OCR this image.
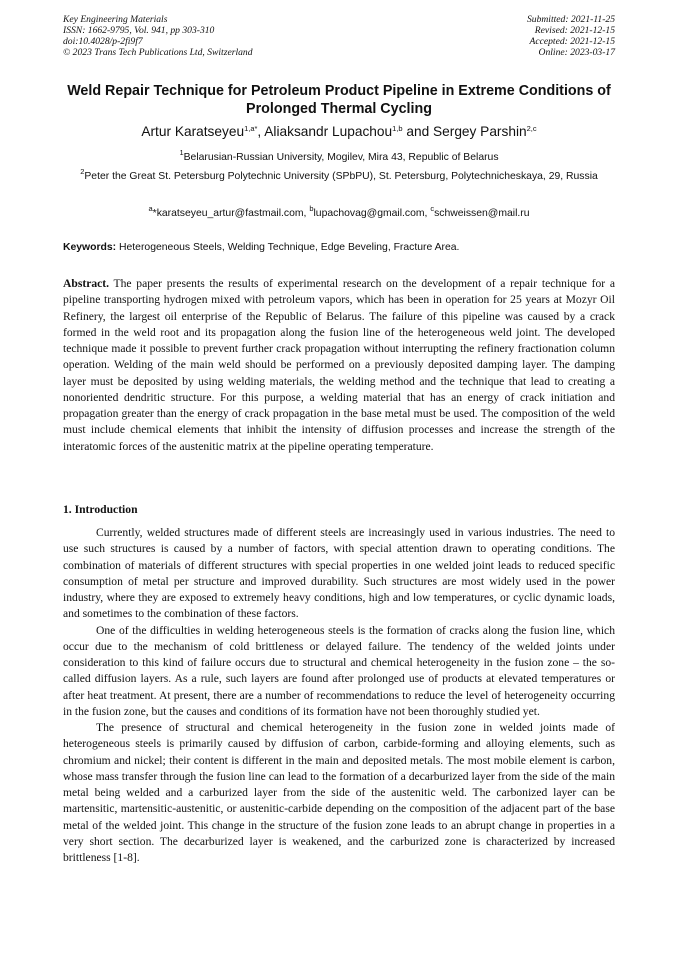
Key Engineering Materials
ISSN: 1662-9795, Vol. 941, pp 303-310
doi:10.4028/p-2fi9f7
© 2023 Trans Tech Publications Ltd, Switzerland
Submitted: 2021-11-25
Revised: 2021-12-15
Accepted: 2021-12-15
Online: 2023-03-17
Weld Repair Technique for Petroleum Product Pipeline in Extreme Conditions of Prolonged Thermal Cycling
Artur Karatseyeu$^{1,a*}$, Aliaksandr Lupachou$^{1,b}$ and Sergey Parshin$^{2,c}$
$^1$Belarusian-Russian University, Mogilev, Mira 43, Republic of Belarus
$^2$Peter the Great St. Petersburg Polytechnic University (SPbPU), St. Petersburg, Polytechnicheskaya, 29, Russia
$^a$*karatseyeu_artur@fastmail.com, $^b$lupachovag@gmail.com, $^c$schweissen@mail.ru
Keywords: Heterogeneous Steels, Welding Technique, Edge Beveling, Fracture Area.
Abstract. The paper presents the results of experimental research on the development of a repair technique for a pipeline transporting hydrogen mixed with petroleum vapors, which has been in operation for 25 years at Mozyr Oil Refinery, the largest oil enterprise of the Republic of Belarus. The failure of this pipeline was caused by a crack formed in the weld root and its propagation along the fusion line of the heterogeneous weld joint. The developed technique made it possible to prevent further crack propagation without interrupting the refinery fractionation column operation. Welding of the main weld should be performed on a previously deposited damping layer. The damping layer must be deposited by using welding materials, the welding method and the technique that lead to creating a nonoriented dendritic structure. For this purpose, a welding material that has an energy of crack initiation and propagation greater than the energy of crack propagation in the base metal must be used. The composition of the weld must include chemical elements that inhibit the intensity of diffusion processes and increase the strength of the interatomic forces of the austenitic matrix at the pipeline operating temperature.
1. Introduction

Currently, welded structures made of different steels are increasingly used in various industries. The need to use such structures is caused by a number of factors, with special attention drawn to operating conditions. The combination of materials of different structures with special properties in one welded joint leads to reduced specific consumption of metal per structure and improved durability. Such structures are most widely used in the power industry, where they are exposed to extremely heavy conditions, high and low temperatures, or cyclic dynamic loads, and sometimes to the combination of these factors.

One of the difficulties in welding heterogeneous steels is the formation of cracks along the fusion line, which occur due to the mechanism of cold brittleness or delayed failure. The tendency of the welded joints under consideration to this kind of failure occurs due to structural and chemical heterogeneity in the fusion zone – the so-called diffusion layers. As a rule, such layers are found after prolonged use of products at elevated temperatures or after heat treatment. At present, there are a number of recommendations to reduce the level of heterogeneity occurring in the fusion zone, but the causes and conditions of its formation have not been thoroughly studied yet.

The presence of structural and chemical heterogeneity in the fusion zone in welded joints made of heterogeneous steels is primarily caused by diffusion of carbon, carbide-forming and alloying elements, such as chromium and nickel; their content is different in the main and deposited metals. The most mobile element is carbon, whose mass transfer through the fusion line can lead to the formation of a decarburized layer from the side of the main metal being welded and a carburized layer from the side of the austenitic weld. The carbonized layer can be martensitic, martensitic-austenitic, or austenitic-carbide depending on the composition of the adjacent part of the base metal of the welded joint. This change in the structure of the fusion zone leads to an abrupt change in properties in a very short section. The decarburized layer is weakened, and the carburized zone is characterized by increased brittleness [1-8].
